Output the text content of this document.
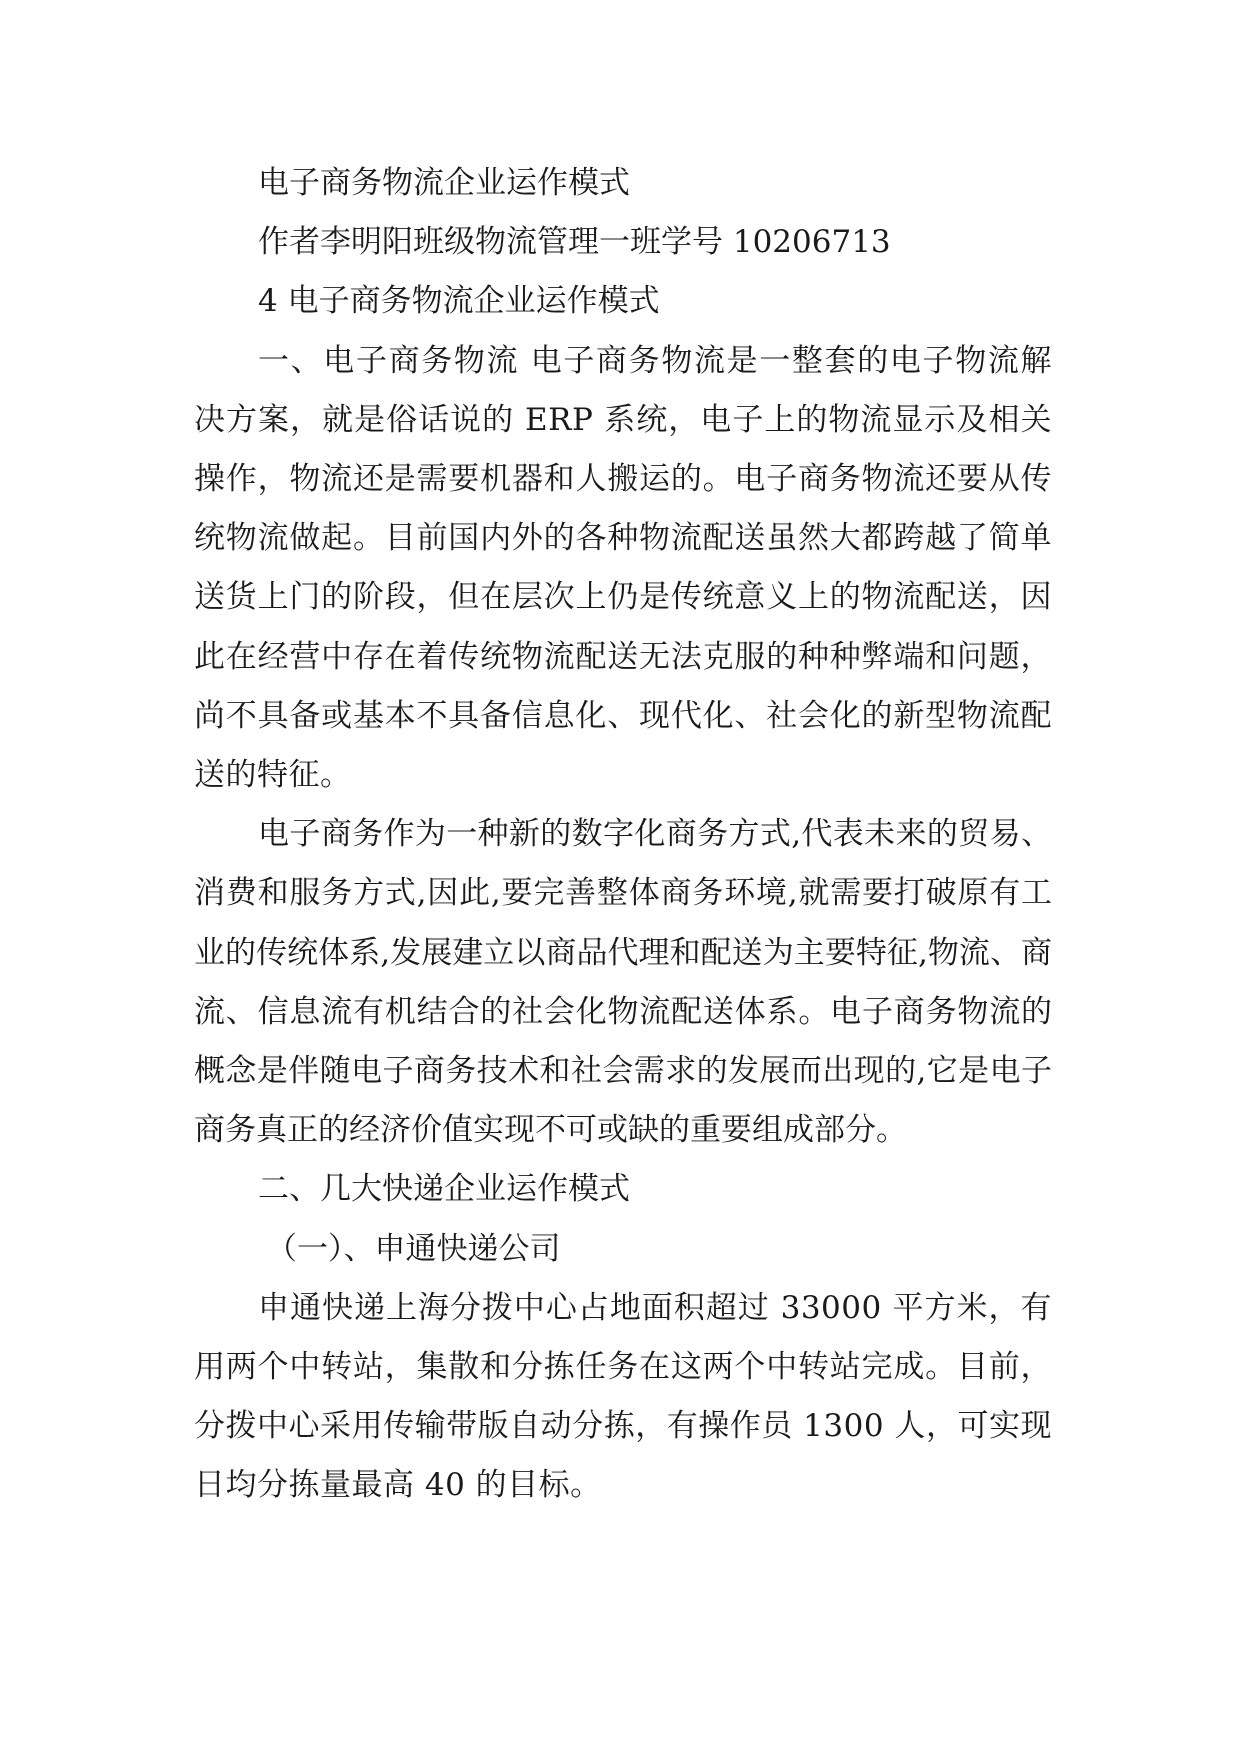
电子商务物流企业运作模式

作者李明阳班级物流管理一班学号 10206713

4 电子商务物流企业运作模式

一、电子商务物流 电子商务物流是一整套的电子物流解决方案，就是俗话说的 ERP 系统，电子上的物流显示及相关操作，物流还是需要机器和人搬运的。电子商务物流还要从传统物流做起。目前国内外的各种物流配送虽然大都跨越了简单送货上门的阶段，但在层次上仍是传统意义上的物流配送，因此在经营中存在着传统物流配送无法克服的种种弊端和问题，尚不具备或基本不具备信息化、现代化、社会化的新型物流配送的特征。

电子商务作为一种新的数字化商务方式,代表未来的贸易、消费和服务方式,因此,要完善整体商务环境,就需要打破原有工业的传统体系,发展建立以商品代理和配送为主要特征,物流、商流、信息流有机结合的社会化物流配送体系。电子商务物流的概念是伴随电子商务技术和社会需求的发展而出现的,它是电子商务真正的经济价值实现不可或缺的重要组成部分。

二、几大快递企业运作模式

（一）、申通快递公司

申通快递上海分拨中心占地面积超过 33000 平方米，有用两个中转站，集散和分拣任务在这两个中转站完成。目前，分拨中心采用传输带版自动分拣，有操作员 1300 人，可实现日均分拣量最高 40 的目标。
